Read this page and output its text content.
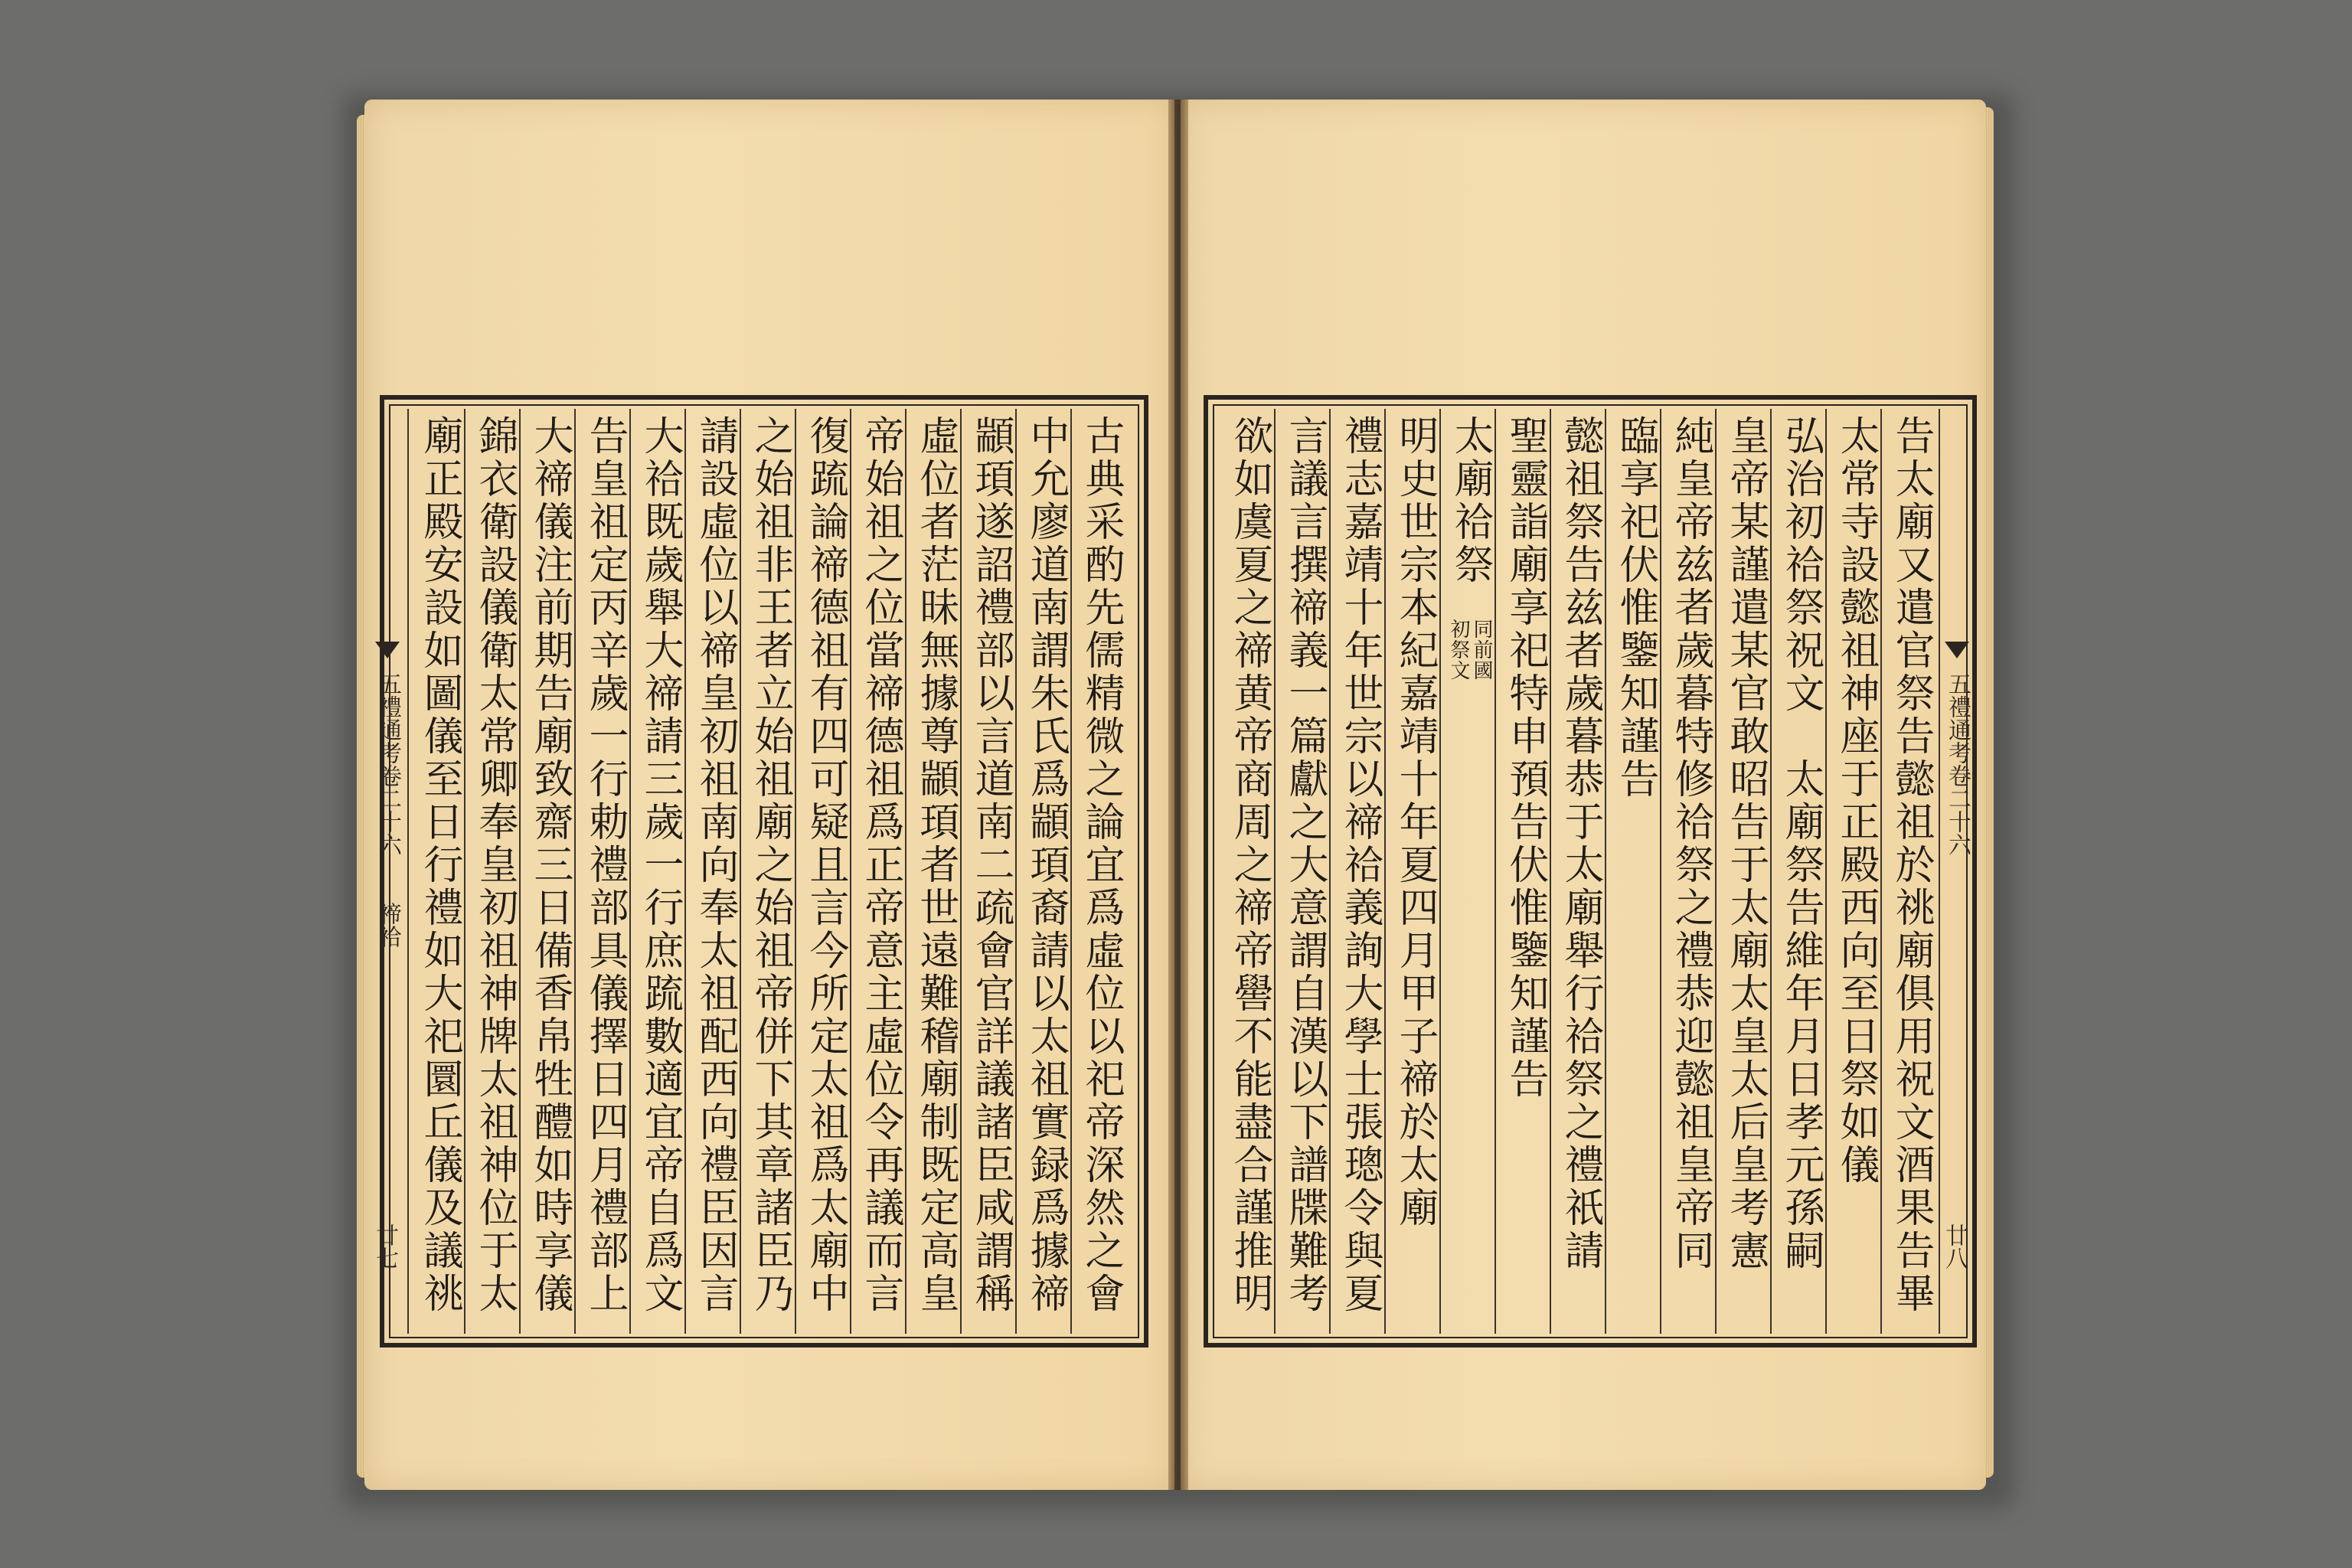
古典采酌先儒精微之論宜爲虛位以祀帝深然之會
中允廖道南謂朱氏爲顓頊裔請以太祖實録爲據禘
顓頊遂詔禮部以言道南二疏會官詳議諸臣咸謂稱
虛位者茫昧無據尊顓頊者世遠難稽廟制既定高皇
帝始祖之位當禘德祖爲正帝意主虛位令再議而言
復䟽論禘德祖有四可疑且言今所定太祖爲太廟中
之始祖非王者立始祖廟之始祖帝併下其章諸臣乃
請設虛位以禘皇初祖南向奉太祖配西向禮臣因言
大祫既歲舉大禘請三歲一行庶䟽數適宜帝自爲文
告皇祖定丙辛歲一行勅禮部具儀擇日四月禮部上
大禘儀注前期告廟致齋三日備香帛牲醴如時享儀
錦衣衛設儀衛太常卿奉皇初祖神牌太祖神位于太
廟正殿安設如圖儀至日行禮如大祀圜丘儀及議祧
五禮通考卷二十六
禘祫
廿七
五禮通考卷二十六
廿八
告太廟又遣官祭告懿祖於祧廟俱用祝文酒果告畢
太常寺設懿祖神座于正殿西向至日祭如儀
弘治初祫祭祝文　太廟祭告維年月日孝元孫嗣
皇帝某謹遣某官敢昭告于太廟太皇太后皇考憲
純皇帝兹者歲暮特修祫祭之禮恭迎懿祖皇帝同
臨享祀伏惟鑒知謹告
懿祖祭告兹者歲暮恭于太廟舉行祫祭之禮祇請
聖靈詣廟享祀特申預告伏惟鑒知謹告
太廟祫祭
同前國
初祭文
明史世宗本紀嘉靖十年夏四月甲子禘於太廟
禮志嘉靖十年世宗以禘祫義詢大學士張璁令與夏
言議言撰禘義一篇獻之大意謂自漢以下譜牒難考
欲如虞夏之禘黄帝商周之禘帝嚳不能盡合謹推明
